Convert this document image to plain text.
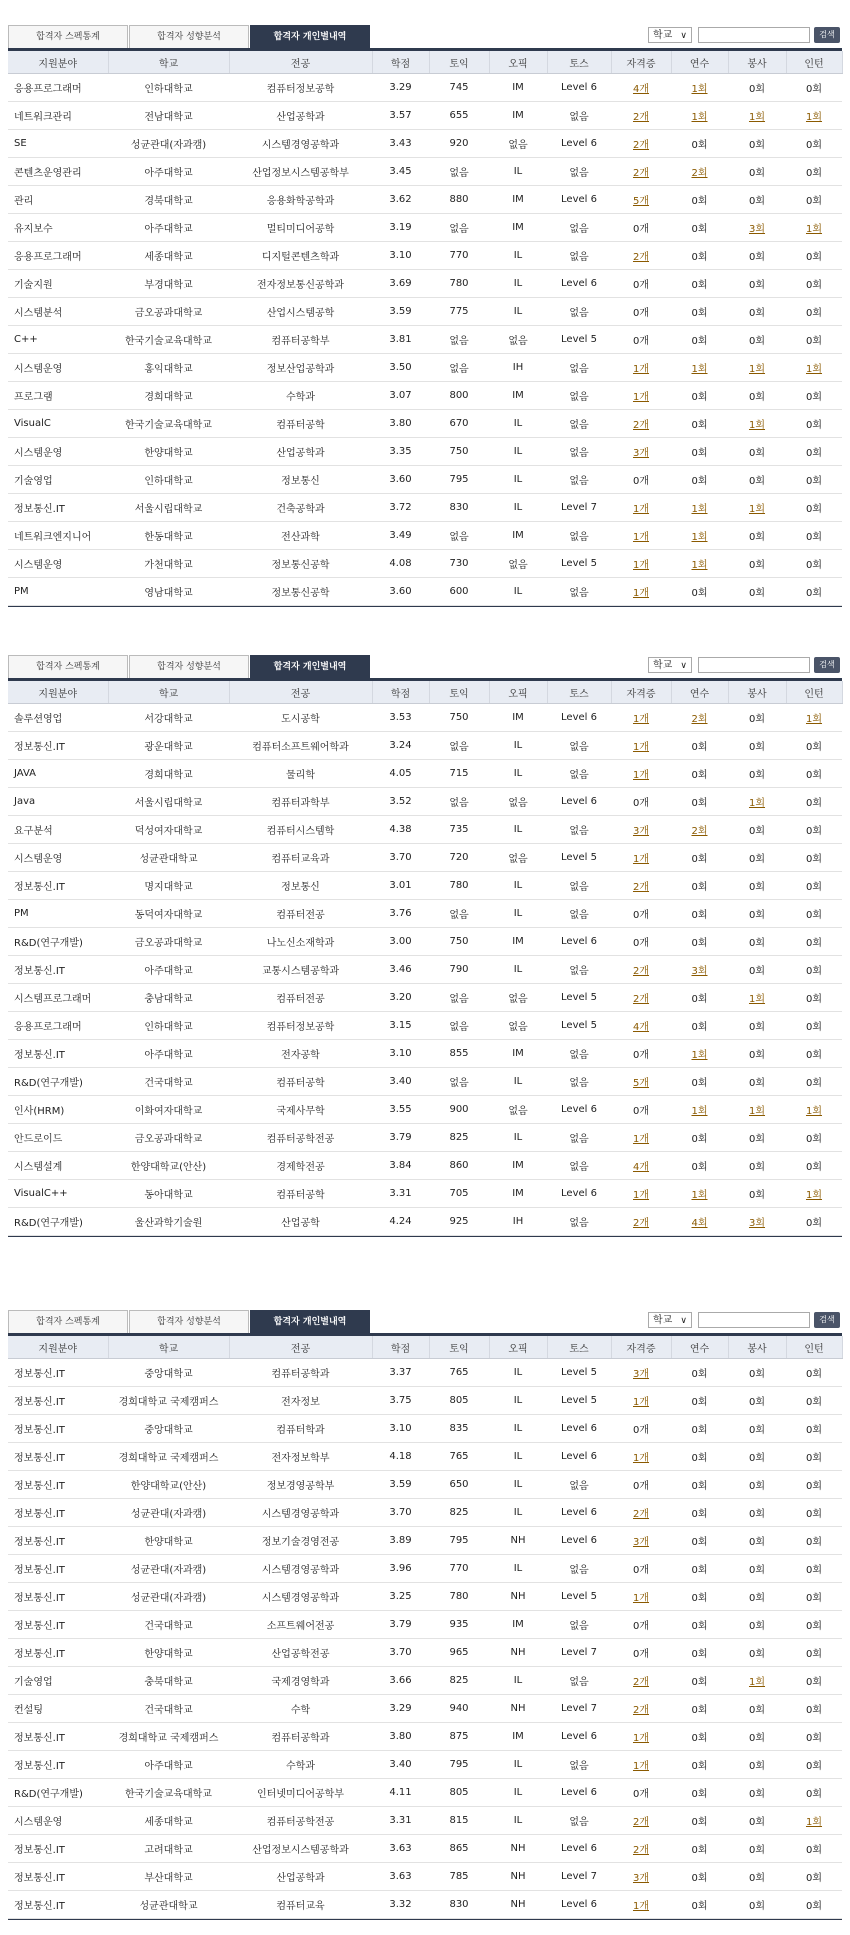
합격자 스펙통계	합격자 성향분석	합격자 개인별내역	학교 ∨	검색
지원분야	학교	전공	학점	토익	오픽	토스	자격증	연수	봉사	인턴
응용프로그래머	인하대학교	컴퓨터정보공학	3.29	745	IM	Level 6	4개	1회	0회	0회
네트워크관리	전남대학교	산업공학과	3.57	655	IM	없음	2개	1회	1회	1회
SE	성균관대(자과캠)	시스템경영공학과	3.43	920	없음	Level 6	2개	0회	0회	0회
콘텐츠운영관리	아주대학교	산업정보시스템공학부	3.45	없음	IL	없음	2개	2회	0회	0회
관리	경북대학교	응용화학공학과	3.62	880	IM	Level 6	5개	0회	0회	0회
유지보수	아주대학교	멀티미디어공학	3.19	없음	IM	없음	0개	0회	3회	1회
응용프로그래머	세종대학교	디지털콘텐츠학과	3.10	770	IL	없음	2개	0회	0회	0회
기술지원	부경대학교	전자정보통신공학과	3.69	780	IL	Level 6	0개	0회	0회	0회
시스템분석	금오공과대학교	산업시스템공학	3.59	775	IL	없음	0개	0회	0회	0회
C++	한국기술교육대학교	컴퓨터공학부	3.81	없음	없음	Level 5	0개	0회	0회	0회
시스템운영	홍익대학교	정보산업공학과	3.50	없음	IH	없음	1개	1회	1회	1회
프로그램	경희대학교	수학과	3.07	800	IM	없음	1개	0회	0회	0회
VisualC	한국기술교육대학교	컴퓨터공학	3.80	670	IL	없음	2개	0회	1회	0회
시스템운영	한양대학교	산업공학과	3.35	750	IL	없음	3개	0회	0회	0회
기술영업	인하대학교	정보통신	3.60	795	IL	없음	0개	0회	0회	0회
정보통신.IT	서울시립대학교	건축공학과	3.72	830	IL	Level 7	1개	1회	1회	0회
네트워크엔지니어	한동대학교	전산과학	3.49	없음	IM	없음	1개	1회	0회	0회
시스템운영	가천대학교	정보통신공학	4.08	730	없음	Level 5	1개	1회	0회	0회
PM	영남대학교	정보통신공학	3.60	600	IL	없음	1개	0회	0회	0회
합격자 스펙통계	합격자 성향분석	합격자 개인별내역	학교 ∨	검색
지원분야	학교	전공	학점	토익	오픽	토스	자격증	연수	봉사	인턴
솔루션영업	서강대학교	도시공학	3.53	750	IM	Level 6	1개	2회	0회	1회
정보통신.IT	광운대학교	컴퓨터소프트웨어학과	3.24	없음	IL	없음	1개	0회	0회	0회
JAVA	경희대학교	물리학	4.05	715	IL	없음	1개	0회	0회	0회
Java	서울시립대학교	컴퓨터과학부	3.52	없음	없음	Level 6	0개	0회	1회	0회
요구분석	덕성여자대학교	컴퓨터시스템학	4.38	735	IL	없음	3개	2회	0회	0회
시스템운영	성균관대학교	컴퓨터교육과	3.70	720	없음	Level 5	1개	0회	0회	0회
정보통신.IT	명지대학교	정보통신	3.01	780	IL	없음	2개	0회	0회	0회
PM	동덕여자대학교	컴퓨터전공	3.76	없음	IL	없음	0개	0회	0회	0회
R&D(연구개발)	금오공과대학교	나노신소재학과	3.00	750	IM	Level 6	0개	0회	0회	0회
정보통신.IT	아주대학교	교통시스템공학과	3.46	790	IL	없음	2개	3회	0회	0회
시스템프로그래머	충남대학교	컴퓨터전공	3.20	없음	없음	Level 5	2개	0회	1회	0회
응용프로그래머	인하대학교	컴퓨터정보공학	3.15	없음	없음	Level 5	4개	0회	0회	0회
정보통신.IT	아주대학교	전자공학	3.10	855	IM	없음	0개	1회	0회	0회
R&D(연구개발)	건국대학교	컴퓨터공학	3.40	없음	IL	없음	5개	0회	0회	0회
인사(HRM)	이화여자대학교	국제사무학	3.55	900	없음	Level 6	0개	1회	1회	1회
안드로이드	금오공과대학교	컴퓨터공학전공	3.79	825	IL	없음	1개	0회	0회	0회
시스템설계	한양대학교(안산)	경제학전공	3.84	860	IM	없음	4개	0회	0회	0회
VisualC++	동아대학교	컴퓨터공학	3.31	705	IM	Level 6	1개	1회	0회	1회
R&D(연구개발)	울산과학기술원	산업공학	4.24	925	IH	없음	2개	4회	3회	0회
합격자 스펙통계	합격자 성향분석	합격자 개인별내역	학교 ∨	검색
지원분야	학교	전공	학점	토익	오픽	토스	자격증	연수	봉사	인턴
정보통신.IT	중앙대학교	컴퓨터공학과	3.37	765	IL	Level 5	3개	0회	0회	0회
정보통신.IT	경희대학교 국제캠퍼스	전자정보	3.75	805	IL	Level 5	1개	0회	0회	0회
정보통신.IT	중앙대학교	컴퓨터학과	3.10	835	IL	Level 6	0개	0회	0회	0회
정보통신.IT	경희대학교 국제캠퍼스	전자정보학부	4.18	765	IL	Level 6	1개	0회	0회	0회
정보통신.IT	한양대학교(안산)	정보경영공학부	3.59	650	IL	없음	0개	0회	0회	0회
정보통신.IT	성균관대(자과캠)	시스템경영공학과	3.70	825	IL	Level 6	2개	0회	0회	0회
정보통신.IT	한양대학교	정보기술경영전공	3.89	795	NH	Level 6	3개	0회	0회	0회
정보통신.IT	성균관대(자과캠)	시스템경영공학과	3.96	770	IL	없음	0개	0회	0회	0회
정보통신.IT	성균관대(자과캠)	시스템경영공학과	3.25	780	NH	Level 5	1개	0회	0회	0회
정보통신.IT	건국대학교	소프트웨어전공	3.79	935	IM	없음	0개	0회	0회	0회
정보통신.IT	한양대학교	산업공학전공	3.70	965	NH	Level 7	0개	0회	0회	0회
기술영업	충북대학교	국제경영학과	3.66	825	IL	없음	2개	0회	1회	0회
컨설팅	건국대학교	수학	3.29	940	NH	Level 7	2개	0회	0회	0회
정보통신.IT	경희대학교 국제캠퍼스	컴퓨터공학과	3.80	875	IM	Level 6	1개	0회	0회	0회
정보통신.IT	아주대학교	수학과	3.40	795	IL	없음	1개	0회	0회	0회
R&D(연구개발)	한국기술교육대학교	인터넷미디어공학부	4.11	805	IL	Level 6	0개	0회	0회	0회
시스템운영	세종대학교	컴퓨터공학전공	3.31	815	IL	없음	2개	0회	0회	1회
정보통신.IT	고려대학교	산업정보시스템공학과	3.63	865	NH	Level 6	2개	0회	0회	0회
정보통신.IT	부산대학교	산업공학과	3.63	785	NH	Level 7	3개	0회	0회	0회
정보통신.IT	성균관대학교	컴퓨터교육	3.32	830	NH	Level 6	1개	0회	0회	0회
